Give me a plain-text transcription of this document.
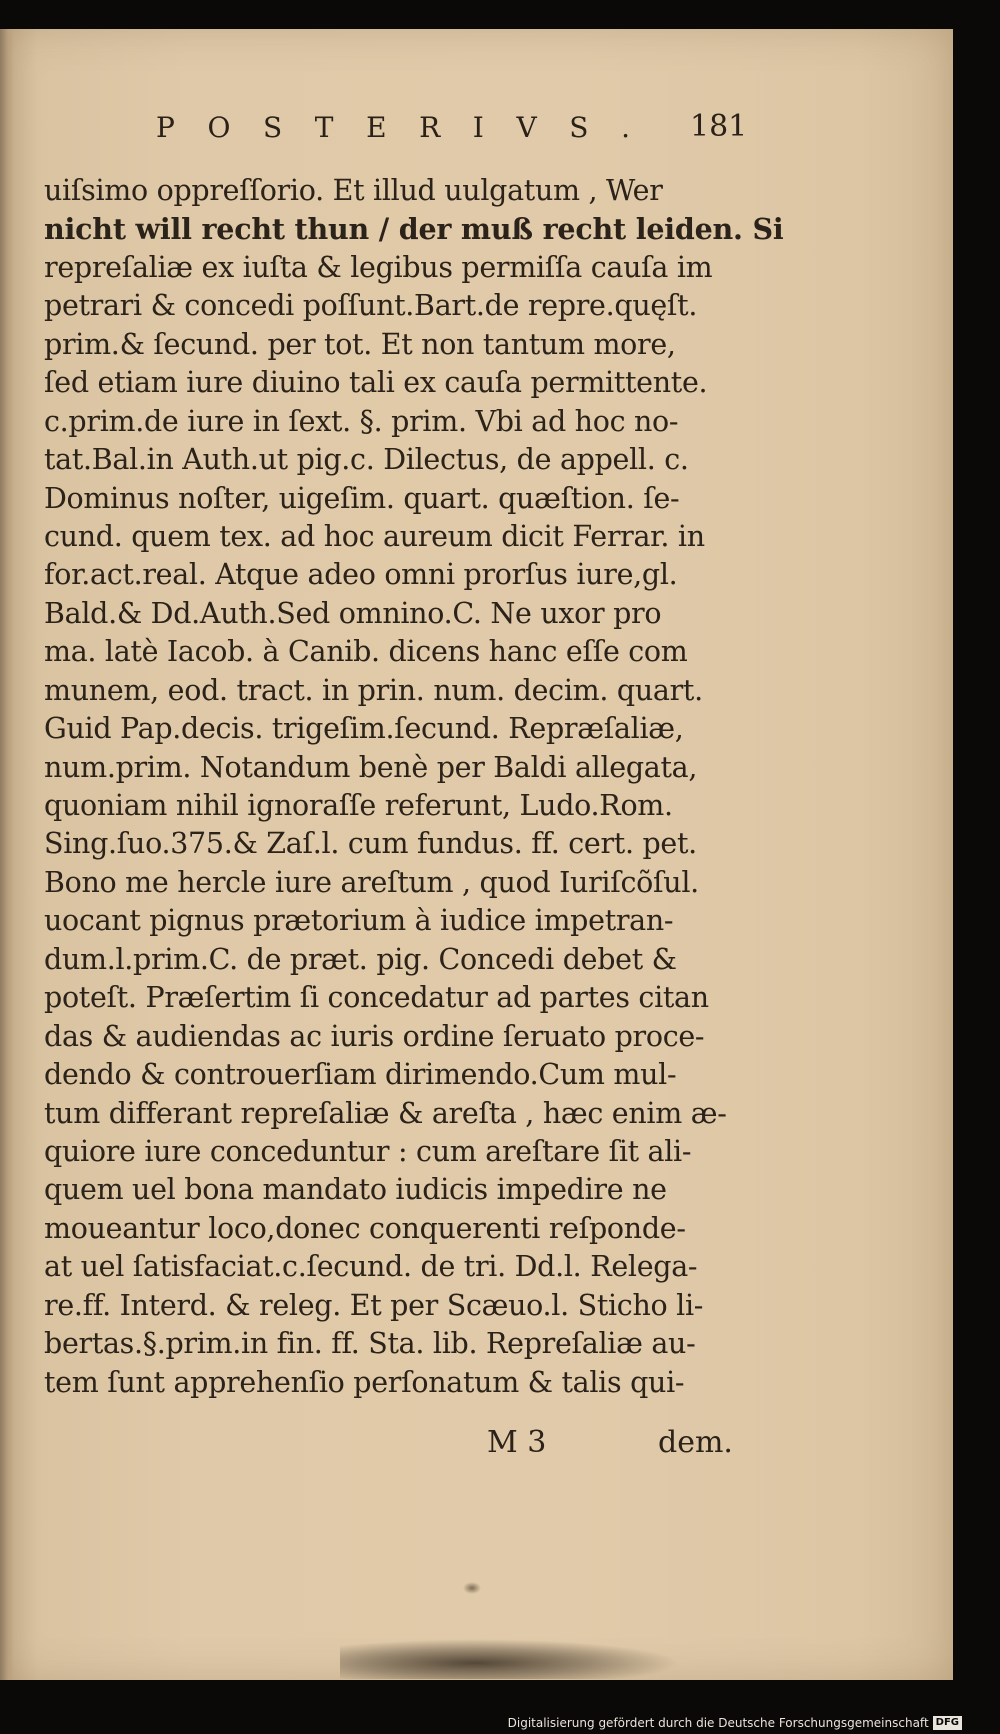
P O S T E R I V S . 181
uiſsimo oppreſſorio. Et illud uulgatum , Wer
nicht will recht thun / der muß recht leiden. Si
repreſaliæ ex iuſta & legibus permiſſa cauſa im
petrari & concedi poſſunt.Bart.de repre.quęſt.
prim.& ſecund. per tot. Et non tantum more,
ſed etiam iure diuino tali ex cauſa permittente.
c.prim.de iure in ſext. §. prim. Vbi ad hoc no-
tat.Bal.in Auth.ut pig.c. Dilectus, de appell. c.
Dominus noſter, uigeſim. quart. quæſtion. ſe-
cund. quem tex. ad hoc aureum dicit Ferrar. in
for.act.real. Atque adeo omni prorſus iure,gl.
Bald.& Dd.Auth.Sed omnino.C. Ne uxor pro
ma. latè Iacob. à Canib. dicens hanc eſſe com
munem, eod. tract. in prin. num. decim. quart.
Guid Pap.decis. trigeſim.ſecund. Repræſaliæ,
num.prim. Notandum benè per Baldi allegata,
quoniam nihil ignoraſſe referunt, Ludo.Rom.
Sing.ſuo.375.& Zaſ.l. cum fundus. ff. cert. pet.
Bono me hercle iure areſtum , quod Iuriſcõſul.
uocant pignus prætorium à iudice impetran-
dum.l.prim.C. de præt. pig. Concedi debet &
poteſt. Præſertim ſi concedatur ad partes citan
das & audiendas ac iuris ordine ſeruato proce-
dendo & controuerſiam dirimendo.Cum mul-
tum differant repreſaliæ & areſta , hæc enim æ-
quiore iure conceduntur : cum areſtare ſit ali-
quem uel bona mandato iudicis impedire ne
moueantur loco,donec conquerenti reſponde-
at uel ſatisfaciat.c.ſecund. de tri. Dd.l. Relega-
re.ff. Interd. & releg. Et per Scæuo.l. Sticho li-
bertas.§.prim.in fin. ff. Sta. lib. Repreſaliæ au-
tem ſunt apprehenſio perſonatum & talis qui-
M 3	dem.
Digitalisierung gefördert durch die Deutsche Forschungsgemeinschaft DFG
